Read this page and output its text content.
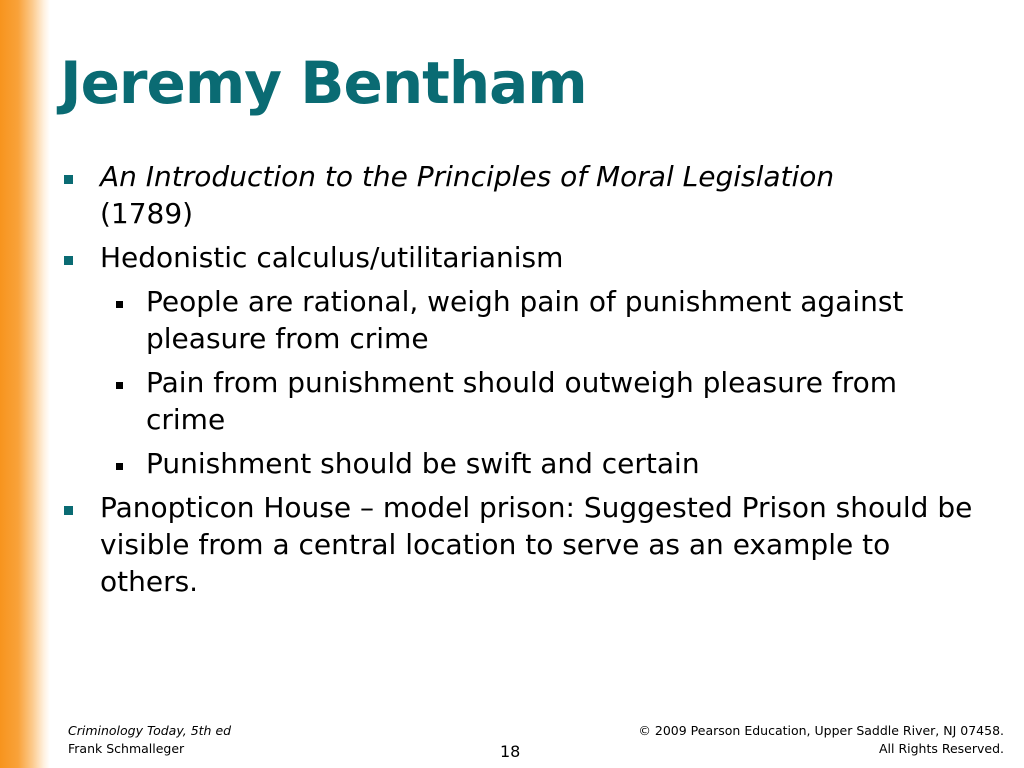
Jeremy Bentham
An Introduction to the Principles of Moral Legislation
(1789)
Hedonistic calculus/utilitarianism
People are rational, weigh pain of punishment against pleasure from crime
Pain from punishment should outweigh pleasure from crime
Punishment should be swift and certain
Panopticon House – model prison: Suggested Prison should be visible from a central location to serve as an example to others.
Criminology Today, 5th ed
Frank Schmalleger	18
© 2009 Pearson Education, Upper Saddle River, NJ 07458.
All Rights Reserved.
